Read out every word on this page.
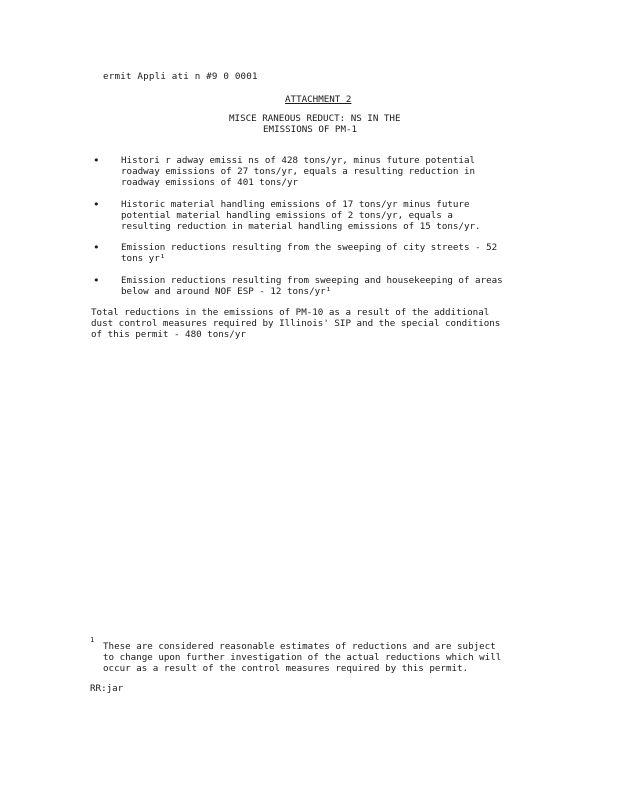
ermit Appli ati n #9 0 0001
ATTACHMENT 2
MISCE RANEOUS REDUCT: NS IN THE
EMISSIONS OF PM-1
• Histori r adway emissi ns of 428 tons/yr, minus future potential
roadway emissions of 27 tons/yr, equals a resulting reduction in
roadway emissions of 401 tons/yr
• Historic material handling emissions of 17 tons/yr minus future
potential material handling emissions of 2 tons/yr, equals a
resulting reduction in material handling emissions of 15 tons/yr.
• Emission reductions resulting from the sweeping of city streets - 52
tons yr¹
• Emission reductions resulting from sweeping and housekeeping of areas
below and around NOF ESP - 12 tons/yr¹
Total reductions in the emissions of PM-10 as a result of the additional
dust control measures required by Illinois' SIP and the special conditions
of this permit - 480 tons/yr
1
These are considered reasonable estimates of reductions and are subject
to change upon further investigation of the actual reductions which will
occur as a result of the control measures required by this permit.
RR:jar
